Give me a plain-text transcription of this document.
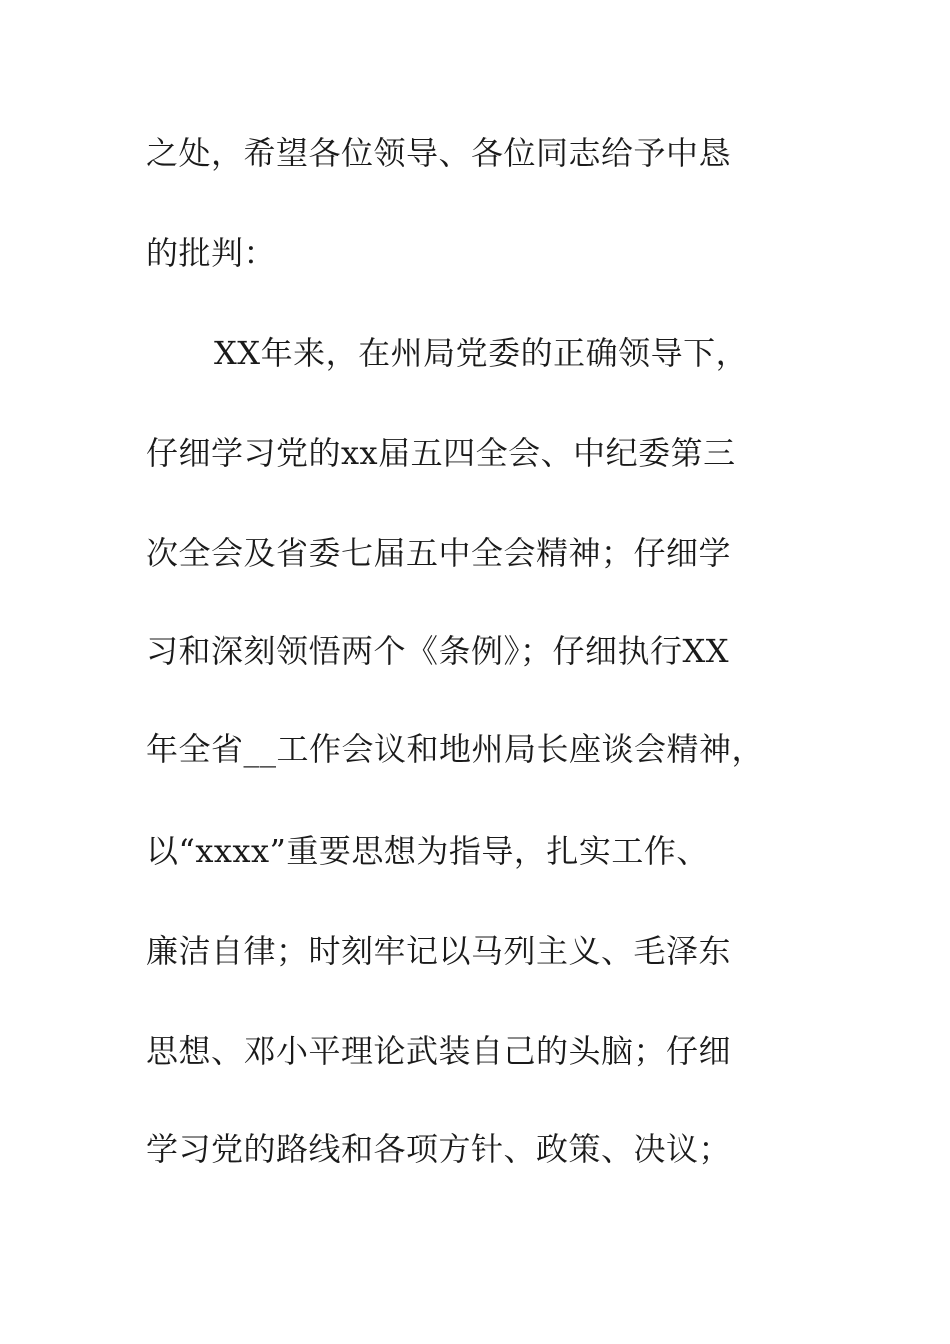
之处，希望各位领导、各位同志给予中恳
的批判：
XX年来，在州局党委的正确领导下，
仔细学习党的xx届五四全会、中纪委第三
次全会及省委七届五中全会精神；仔细学
习和深刻领悟两个《条例》；仔细执行XX
年全省__工作会议和地州局长座谈会精神，
以“xxxx”重要思想为指导，扎实工作、
廉洁自律；时刻牢记以马列主义、毛泽东
思想、邓小平理论武装自己的头脑；仔细
学习党的路线和各项方针、政策、决议；
